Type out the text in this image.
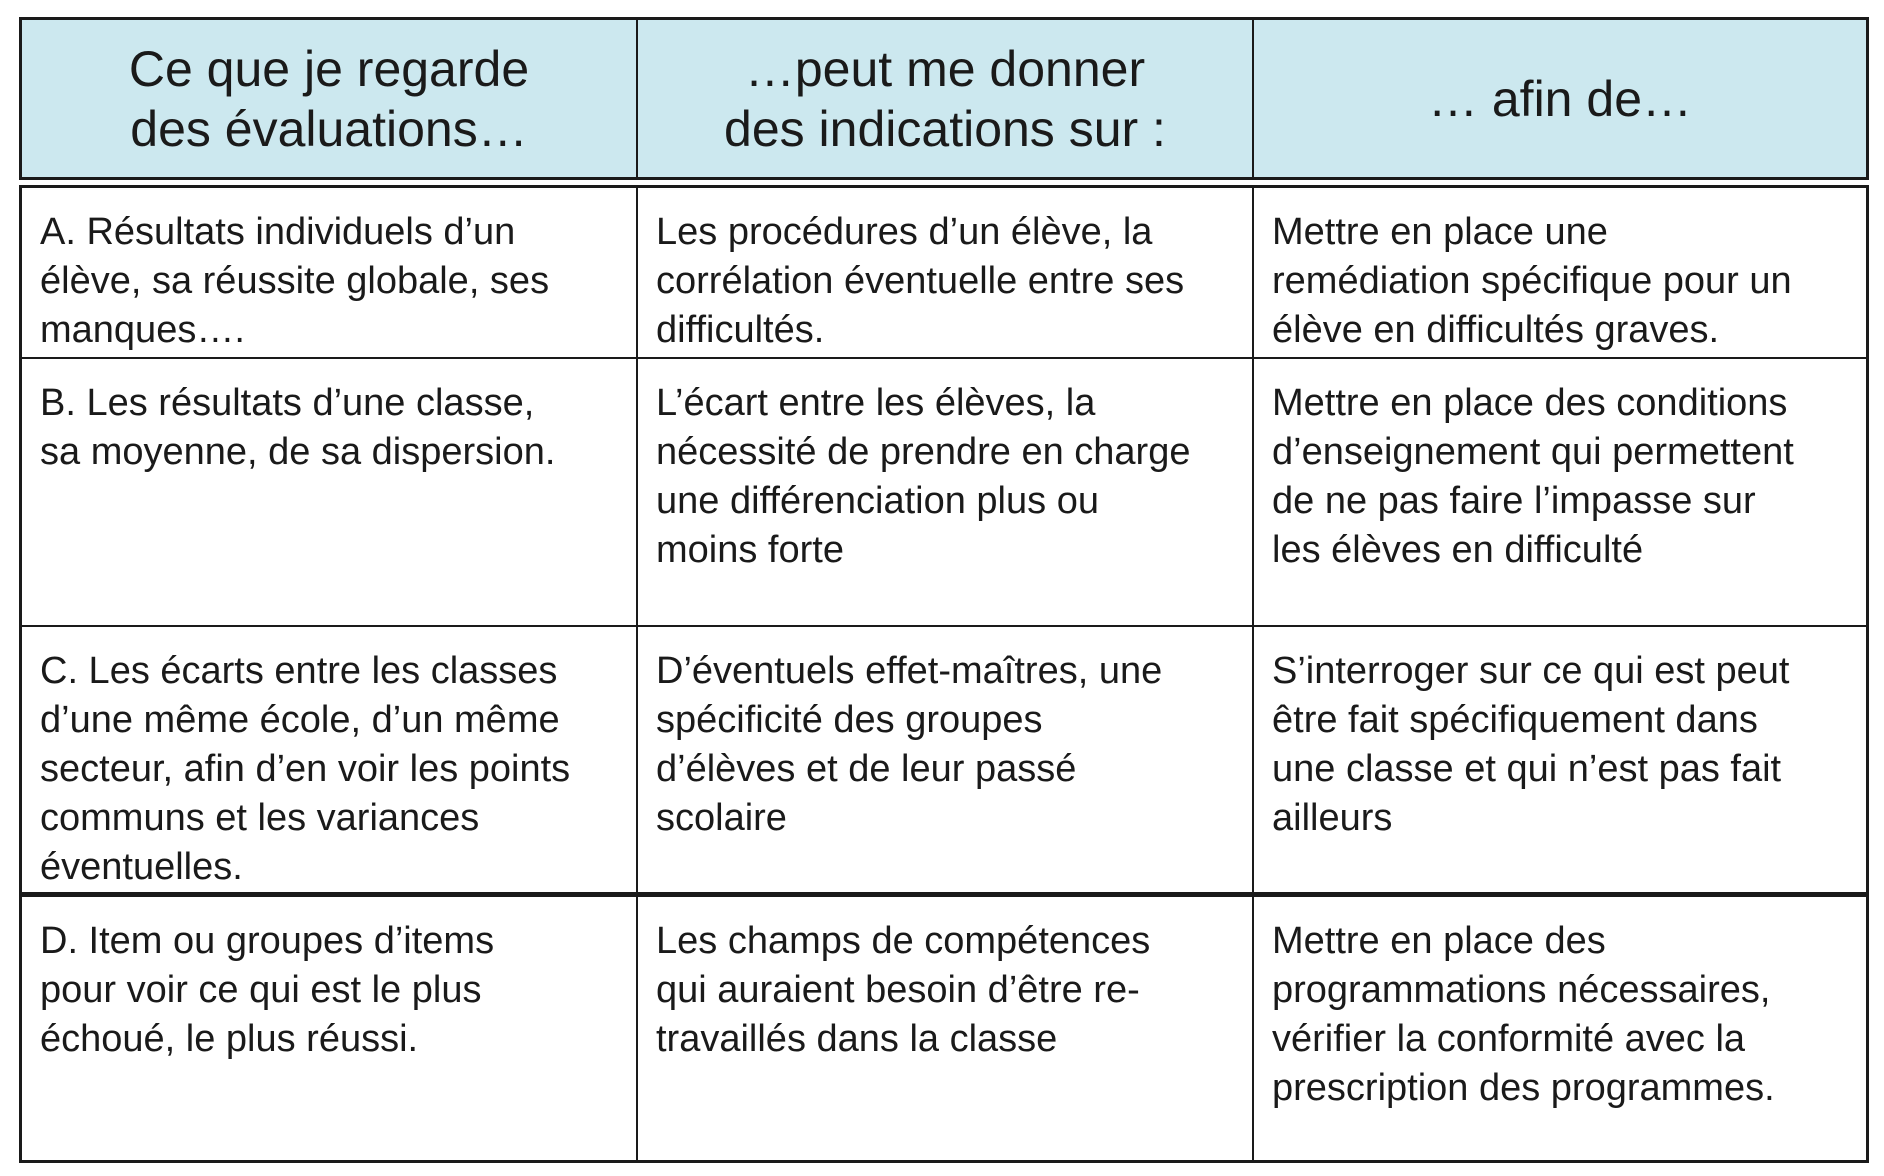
Ce que je regarde
des évaluations…
…peut me donner
des indications sur :
… afin de…
A. Résultats individuels d’un
élève, sa réussite globale, ses
manques….
Les procédures d’un élève, la
corrélation éventuelle entre ses
difficultés.
Mettre en place une
remédiation spécifique pour un
élève en difficultés graves.
B. Les résultats d’une classe,
sa moyenne, de sa dispersion.
L’écart entre les élèves, la
nécessité de prendre en charge
une différenciation plus ou
moins forte
Mettre en place des conditions
d’enseignement qui permettent
de ne pas faire l’impasse sur
les élèves en difficulté
C. Les écarts entre les classes
d’une même école, d’un même
secteur, afin d’en voir les points
communs et les variances
éventuelles.
D’éventuels effet-maîtres, une
spécificité des groupes
d’élèves et de leur passé
scolaire
S’interroger sur ce qui est peut
être fait spécifiquement dans
une classe et qui n’est pas fait
ailleurs
D. Item ou groupes d’items
pour voir ce qui est le plus
échoué, le plus réussi.
Les champs de compétences
qui auraient besoin d’être re-
travaillés dans la classe
Mettre en place des
programmations nécessaires,
vérifier la conformité avec la
prescription des programmes.
